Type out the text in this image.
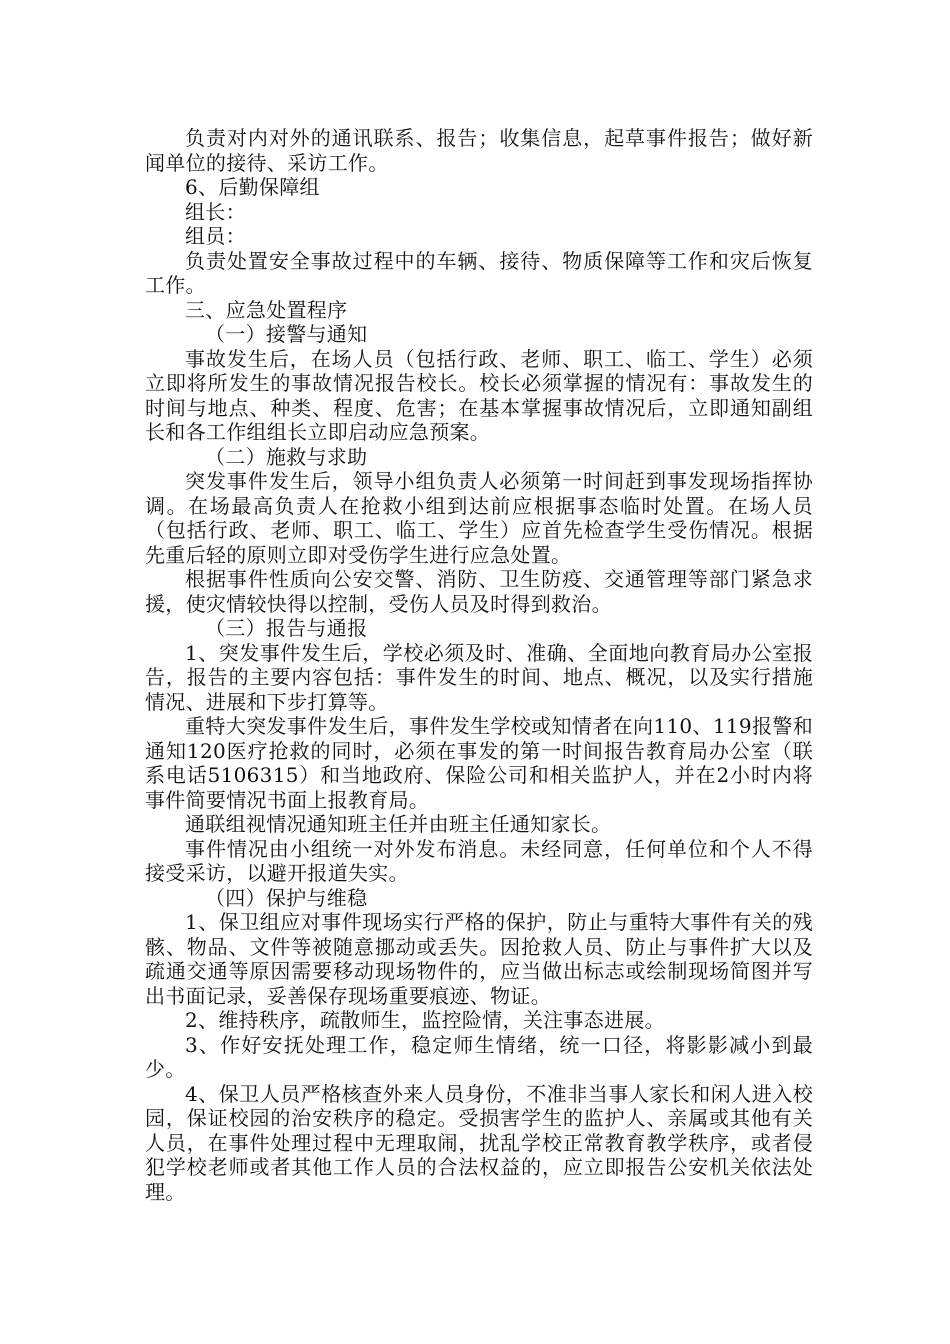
负责对内对外的通讯联系、报告；收集信息，起草事件报告；做好新闻单位的接待、采访工作。

6、后勤保障组

组长：

组员：

负责处置安全事故过程中的车辆、接待、物质保障等工作和灾后恢复工作。

三、应急处置程序

（一）接警与通知

事故发生后，在场人员（包括行政、老师、职工、临工、学生）必须立即将所发生的事故情况报告校长。校长必须掌握的情况有：事故发生的时间与地点、种类、程度、危害；在基本掌握事故情况后，立即通知副组长和各工作组组长立即启动应急预案。

（二）施救与求助

突发事件发生后，领导小组负责人必须第一时间赶到事发现场指挥协调。在场最高负责人在抢救小组到达前应根据事态临时处置。在场人员（包括行政、老师、职工、临工、学生）应首先检查学生受伤情况。根据先重后轻的原则立即对受伤学生进行应急处置。

根据事件性质向公安交警、消防、卫生防疫、交通管理等部门紧急求援，使灾情较快得以控制，受伤人员及时得到救治。

（三）报告与通报

1、突发事件发生后，学校必须及时、准确、全面地向教育局办公室报告，报告的主要内容包括：事件发生的时间、地点、概况，以及实行措施情况、进展和下步打算等。

重特大突发事件发生后，事件发生学校或知情者在向110、119报警和通知120医疗抢救的同时，必须在事发的第一时间报告教育局办公室（联系电话5106315）和当地政府、保险公司和相关监护人，并在2小时内将事件简要情况书面上报教育局。

通联组视情况通知班主任并由班主任通知家长。

事件情况由小组统一对外发布消息。未经同意，任何单位和个人不得接受采访，以避开报道失实。

（四）保护与维稳

1、保卫组应对事件现场实行严格的保护，防止与重特大事件有关的残骸、物品、文件等被随意挪动或丢失。因抢救人员、防止与事件扩大以及疏通交通等原因需要移动现场物件的，应当做出标志或绘制现场简图并写出书面记录，妥善保存现场重要痕迹、物证。

2、维持秩序，疏散师生，监控险情，关注事态进展。

3、作好安抚处理工作，稳定师生情绪，统一口径，将影影减小到最少。

4、保卫人员严格核查外来人员身份，不准非当事人家长和闲人进入校园，保证校园的治安秩序的稳定。受损害学生的监护人、亲属或其他有关人员，在事件处理过程中无理取闹，扰乱学校正常教育教学秩序，或者侵犯学校老师或者其他工作人员的合法权益的，应立即报告公安机关依法处理。
